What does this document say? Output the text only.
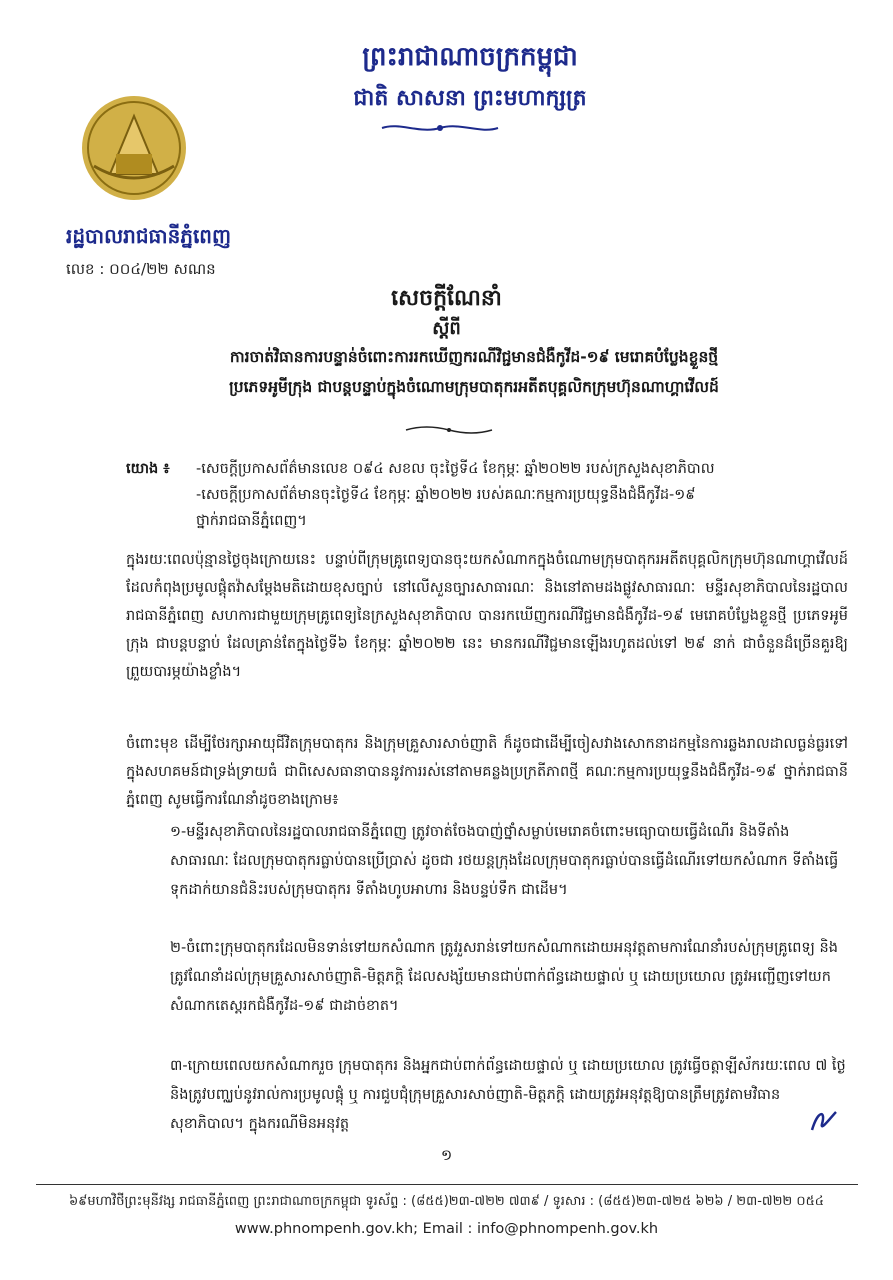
ព្រះរាជាណាចក្រកម្ពុជា
ជាតិ សាសនា ព្រះមហាក្សត្រ
រដ្ឋបាលរាជធានីភ្នំពេញ
លេខ : ០០៤/២២ សណន
សេចក្តីណែនាំ
ស្តីពី
ការចាត់វិធានការបន្ទាន់ចំពោះការរកឃើញករណីវិជ្ជមានជំងឺកូវីដ-១៩ មេរោគបំប្លែងខ្លួនថ្មី
ប្រភេទអូមីក្រុង ជាបន្តបន្ទាប់ក្នុងចំណោមក្រុមបាតុករអតីតបុគ្គលិកក្រុមហ៊ុនណាហ្គាវើលដ៍
យោង ៖ -សេចក្តីប្រកាសព័ត៌មានលេខ ០៩៤ សខល ចុះថ្ងៃទី៤ ខែកុម្ភៈ ឆ្នាំ២០២២ របស់ក្រសួងសុខាភិបាល
-សេចក្តីប្រកាសព័ត៌មានចុះថ្ងៃទី៤ ខែកុម្ភៈ ឆ្នាំ២០២២ របស់គណៈកម្មការប្រយុទ្ធនឹងជំងឺកូវីដ-១៩
ថ្នាក់រាជធានីភ្នំពេញ។
ក្នុងរយៈពេលប៉ុន្មានថ្ងៃចុងក្រោយនេះ បន្ទាប់ពីក្រុមគ្រូពេទ្យបានចុះយកសំណាកក្នុងចំណោមក្រុមបាតុករអតីតបុគ្គលិកក្រុមហ៊ុនណាហ្គាវើលដ៍ ដែលកំពុងប្រមូលផ្តុំតវ៉ាសម្តែងមតិដោយខុសច្បាប់ នៅលើសួនច្បារសាធារណៈ និងនៅតាមដងផ្លូវសាធារណៈ មន្ទីរសុខាភិបាលនៃរដ្ឋបាលរាជធានីភ្នំពេញ សហការជាមួយក្រុមគ្រូពេទ្យនៃក្រសួងសុខាភិបាល បានរកឃើញករណីវិជ្ជមានជំងឺកូវីដ-១៩ មេរោគបំប្លែងខ្លួនថ្មី ប្រភេទអូមីក្រុង ជាបន្តបន្ទាប់ ដែលគ្រាន់តែក្នុងថ្ងៃទី៦ ខែកុម្ភៈ ឆ្នាំ២០២២ នេះ មានករណីវិជ្ជមានឡើងរហូតដល់ទៅ ២៩ នាក់ ជាចំនួនដ៏ច្រើនគួរឱ្យព្រួយបារម្ភយ៉ាងខ្លាំង។
ចំពោះមុខ ដើម្បីថែរក្សាអាយុជីវិតក្រុមបាតុករ និងក្រុមគ្រួសារសាច់ញាតិ ក៏ដូចជាដើម្បីចៀសវាងសោកនាដកម្មនៃការឆ្លងរាលដាលធ្ងន់ធ្ងរទៅក្នុងសហគមន៍ជាទ្រង់ទ្រាយធំ ជាពិសេសធានាបាននូវការរស់នៅតាមគន្លងប្រក្រតីភាពថ្មី គណៈកម្មការប្រយុទ្ធនឹងជំងឺកូវីដ-១៩ ថ្នាក់រាជធានីភ្នំពេញ សូមធ្វើការណែនាំដូចខាងក្រោម៖
១-មន្ទីរសុខាភិបាលនៃរដ្ឋបាលរាជធានីភ្នំពេញ ត្រូវចាត់ចែងបាញ់ថ្នាំសម្លាប់មេរោគចំពោះមធ្យោបាយធ្វើដំណើរ និងទីតាំងសាធារណៈ ដែលក្រុមបាតុករធ្លាប់បានប្រើប្រាស់ ដូចជា រថយន្តក្រុងដែលក្រុមបាតុករធ្លាប់បានធ្វើដំណើរទៅយកសំណាក ទីតាំងធ្វើទុកដាក់យានជំនិះរបស់ក្រុមបាតុករ ទីតាំងហូបអាហារ និងបន្ទប់ទឹក ជាដើម។
២-ចំពោះក្រុមបាតុករដែលមិនទាន់ទៅយកសំណាក ត្រូវរួសរាន់ទៅយកសំណាកដោយអនុវត្តតាមការណែនាំរបស់ក្រុមគ្រូពេទ្យ និងត្រូវណែនាំដល់ក្រុមគ្រួសារសាច់ញាតិ-មិត្តភក្តិ ដែលសង្ស័យមានជាប់ពាក់ព័ន្ធដោយផ្ទាល់ ឬ ដោយប្រយោល ត្រូវអញ្ជើញទៅយកសំណាកតេស្តរកជំងឺកូវីដ-១៩ ជាដាច់ខាត។
៣-ក្រោយពេលយកសំណាករួច ក្រុមបាតុករ និងអ្នកជាប់ពាក់ព័ន្ធដោយផ្ទាល់ ឬ ដោយប្រយោល ត្រូវធ្វើចត្តាឡីស័ករយៈពេល ៧ ថ្ងៃ និងត្រូវបញ្ឈប់នូវរាល់ការប្រមូលផ្តុំ ឬ ការជួបជុំក្រុមគ្រួសារសាច់ញាតិ-មិត្តភក្តិ ដោយត្រូវអនុវត្តឱ្យបានត្រឹមត្រូវតាមវិធានសុខាភិបាល។ ក្នុងករណីមិនអនុវត្ត
១
៦៩មហាវិថីព្រះមុនីវង្ស រាជធានីភ្នំពេញ ព្រះរាជាណាចក្រកម្ពុជា ទូរស័ព្ទ : (៨៥៥)២៣-៧២២ ៧៣៩ / ទូរសារ : (៨៥៥)២៣-៧២៥ ៦២៦ / ២៣-៧២២ ០៥៤
www.phnompenh.gov.kh; Email : info@phnompenh.gov.kh
